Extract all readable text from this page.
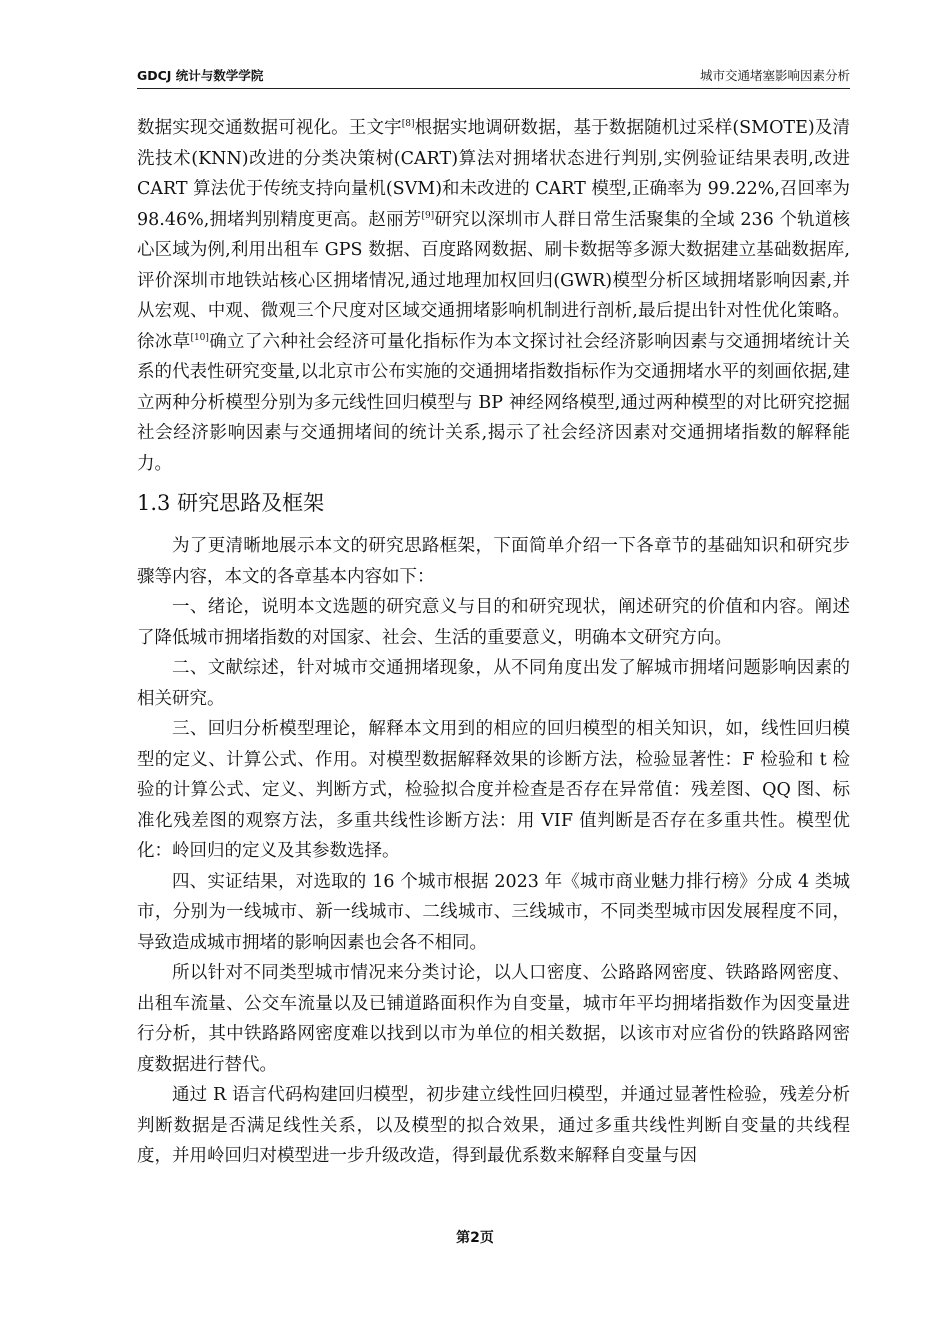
GDCJ 统计与数学学院	城市交通堵塞影响因素分析

数据实现交通数据可视化。王文宇[8]根据实地调研数据，基于数据随机过采样(SMOTE)及清洗技术(KNN)改进的分类决策树(CART)算法对拥堵状态进行判别,实例验证结果表明,改进 CART 算法优于传统支持向量机(SVM)和未改进的 CART 模型,正确率为 99.22%,召回率为 98.46%,拥堵判别精度更高。赵丽芳[9]研究以深圳市人群日常生活聚集的全域 236 个轨道核心区域为例,利用出租车 GPS 数据、百度路网数据、刷卡数据等多源大数据建立基础数据库,评价深圳市地铁站核心区拥堵情况,通过地理加权回归(GWR)模型分析区域拥堵影响因素,并从宏观、中观、微观三个尺度对区域交通拥堵影响机制进行剖析,最后提出针对性优化策略。徐冰草[10]确立了六种社会经济可量化指标作为本文探讨社会经济影响因素与交通拥堵统计关系的代表性研究变量,以北京市公布实施的交通拥堵指数指标作为交通拥堵水平的刻画依据,建立两种分析模型分别为多元线性回归模型与 BP 神经网络模型,通过两种模型的对比研究挖掘社会经济影响因素与交通拥堵间的统计关系,揭示了社会经济因素对交通拥堵指数的解释能力。

1.3 研究思路及框架

为了更清晰地展示本文的研究思路框架，下面简单介绍一下各章节的基础知识和研究步骤等内容，本文的各章基本内容如下：

一、绪论，说明本文选题的研究意义与目的和研究现状，阐述研究的价值和内容。阐述了降低城市拥堵指数的对国家、社会、生活的重要意义，明确本文研究方向。

二、文献综述，针对城市交通拥堵现象，从不同角度出发了解城市拥堵问题影响因素的相关研究。

三、回归分析模型理论，解释本文用到的相应的回归模型的相关知识，如，线性回归模型的定义、计算公式、作用。对模型数据解释效果的诊断方法，检验显著性：F 检验和 t 检验的计算公式、定义、判断方式，检验拟合度并检查是否存在异常值：残差图、QQ 图、标准化残差图的观察方法，多重共线性诊断方法：用 VIF 值判断是否存在多重共性。模型优化：岭回归的定义及其参数选择。

四、实证结果，对选取的 16 个城市根据 2023 年《城市商业魅力排行榜》分成 4 类城市，分别为一线城市、新一线城市、二线城市、三线城市，不同类型城市因发展程度不同，导致造成城市拥堵的影响因素也会各不相同。

所以针对不同类型城市情况来分类讨论，以人口密度、公路路网密度、铁路路网密度、出租车流量、公交车流量以及已铺道路面积作为自变量，城市年平均拥堵指数作为因变量进行分析，其中铁路路网密度难以找到以市为单位的相关数据，以该市对应省份的铁路路网密度数据进行替代。

通过 R 语言代码构建回归模型，初步建立线性回归模型，并通过显著性检验，残差分析判断数据是否满足线性关系，以及模型的拟合效果，通过多重共线性判断自变量的共线程度，并用岭回归对模型进一步升级改造，得到最优系数来解释自变量与因

第2页
